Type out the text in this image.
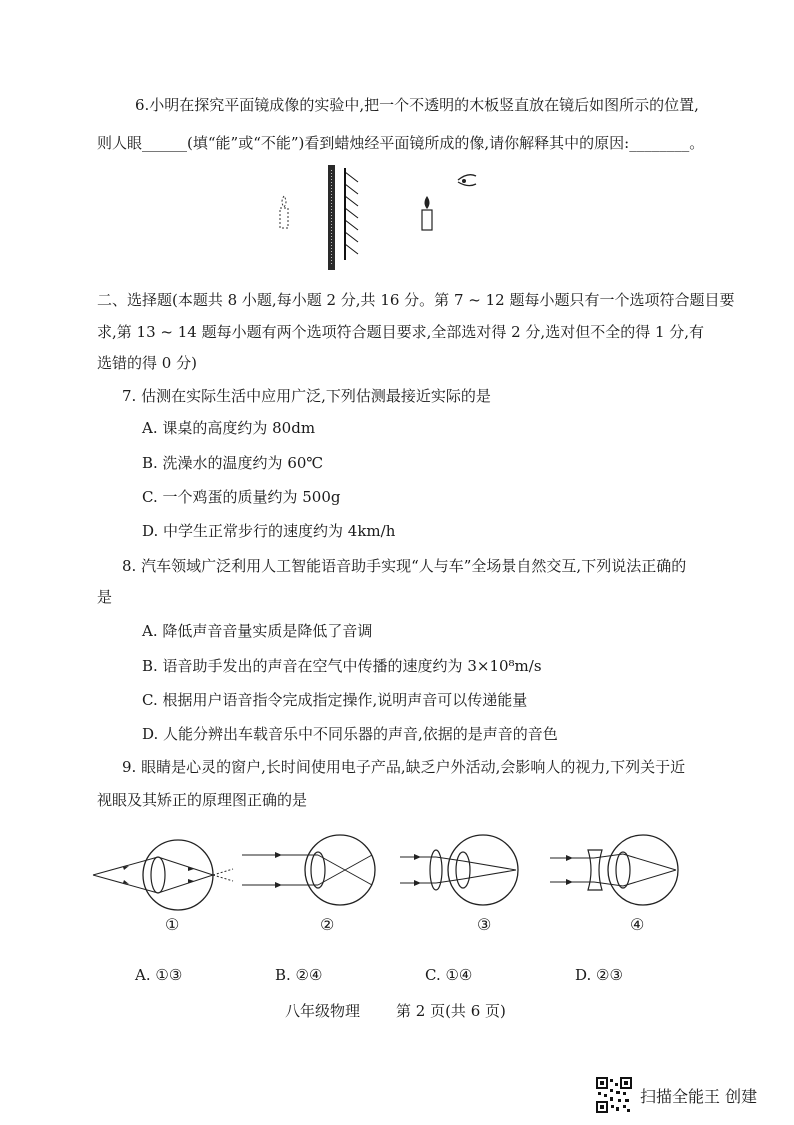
6.小明在探究平面镜成像的实验中,把一个不透明的木板竖直放在镜后如图所示的位置,
则人眼______(填“能”或“不能”)看到蜡烛经平面镜所成的像,请你解释其中的原因:________。
二、选择题(本题共 8 小题,每小题 2 分,共 16 分。第 7 ~ 12 题每小题只有一个选项符合题目要
求,第 13 ~ 14 题每小题有两个选项符合题目要求,全部选对得 2 分,选对但不全的得 1 分,有
选错的得 0 分)
7. 估测在实际生活中应用广泛,下列估测最接近实际的是
A. 课桌的高度约为 80dm
B. 洗澡水的温度约为 60℃
C. 一个鸡蛋的质量约为 500g
D. 中学生正常步行的速度约为 4km/h
8. 汽车领域广泛利用人工智能语音助手实现“人与车”全场景自然交互,下列说法正确的
是
A. 降低声音音量实质是降低了音调
B. 语音助手发出的声音在空气中传播的速度约为 3×10⁸m/s
C. 根据用户语音指令完成指定操作,说明声音可以传递能量
D. 人能分辨出车载音乐中不同乐器的声音,依据的是声音的音色
9. 眼睛是心灵的窗户,长时间使用电子产品,缺乏户外活动,会影响人的视力,下列关于近
视眼及其矫正的原理图正确的是
①	②	③	④
A. ①③	B. ②④	C. ①④	D. ②③
八年级物理 第 2 页(共 6 页)
扫描全能王 创建
